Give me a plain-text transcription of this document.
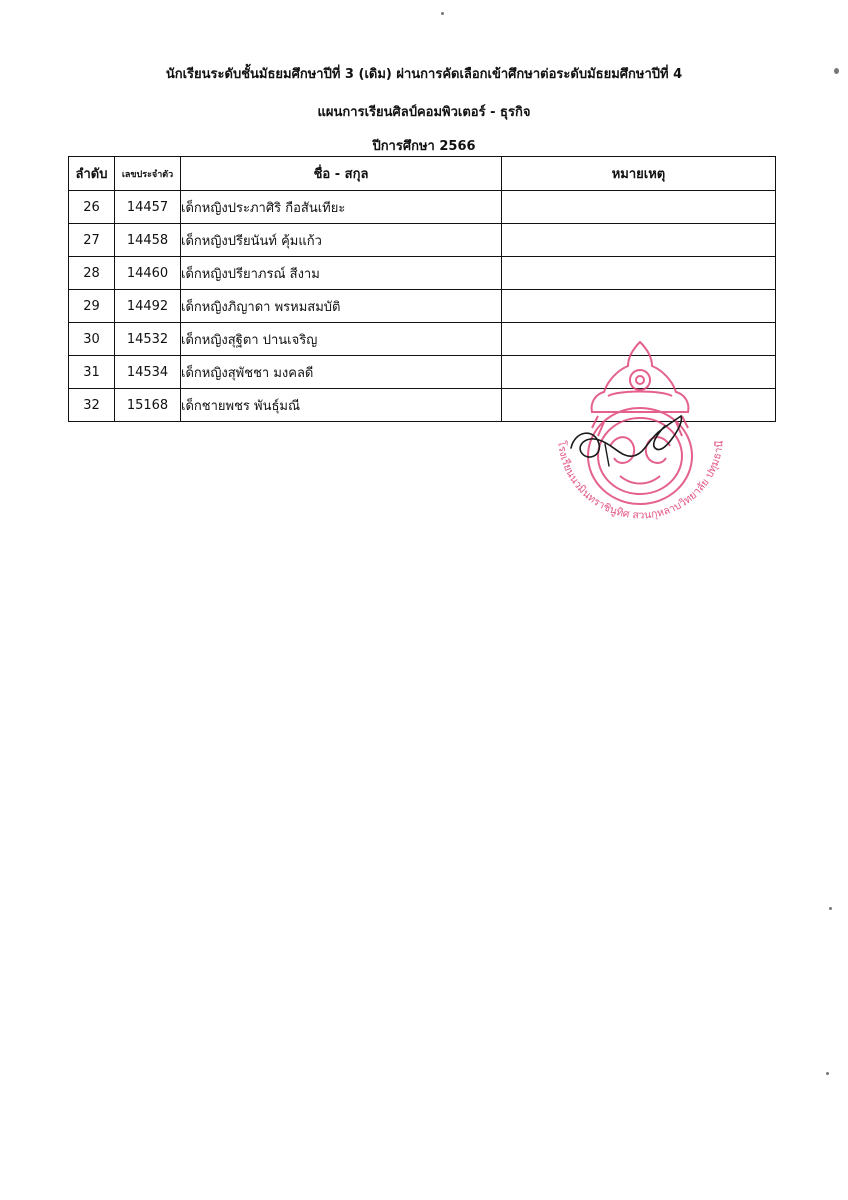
นักเรียนระดับชั้นมัธยมศึกษาปีที่ 3 (เดิม) ผ่านการคัดเลือกเข้าศึกษาต่อระดับมัธยมศึกษาปีที่ 4
แผนการเรียนศิลป์คอมพิวเตอร์ - ธุรกิจ
ปีการศึกษา 2566
ลำดับ	เลขประจำตัว	ชื่อ - สกุล	หมายเหตุ
26	14457	เด็กหญิงประภาศิริ กือสันเทียะ	
27	14458	เด็กหญิงปรียนันท์ คุ้มแก้ว	
28	14460	เด็กหญิงปรียาภรณ์ สีงาม	
29	14492	เด็กหญิงภิญาดา พรหมสมบัติ	
30	14532	เด็กหญิงสุฐิตา ปานเจริญ	
31	14534	เด็กหญิงสุพัชชา มงคลดี	
32	15168	เด็กชายพชร พันธุ์มณี	
โรงเรียนนวมินทราชินูทิศ สวนกุหลาบวิทยาลัย ปทุมธานี
